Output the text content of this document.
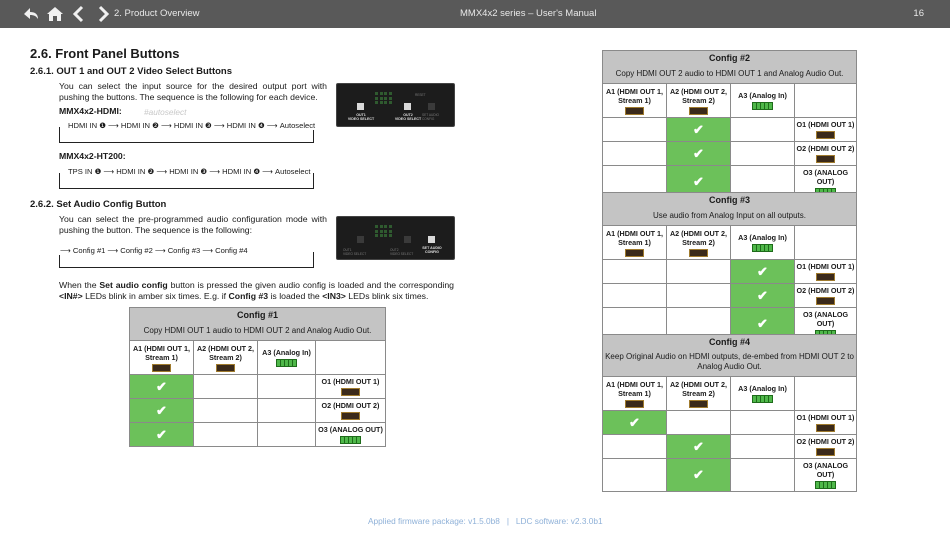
2. Product Overview	MMX4x2 series – User's Manual	16
2.6. Front Panel Buttons
2.6.1. OUT 1 and OUT 2 Video Select Buttons

You can select the input source for the desired output port with pushing the buttons. The sequence is the following for each device.

MMX4x2-HDMI:	#autoselect
HDMI IN ❶ ⟶ HDMI IN ❷ ⟶ HDMI IN ❸ ⟶ HDMI IN ❹ ⟶ Autoselect
MMX4x2-HT200:
TPS IN ❶ ⟶ HDMI IN ❷ ⟶ HDMI IN ❸ ⟶ HDMI IN ❹ ⟶ Autoselect
OUT1
VIDEO SELECT
OUT2
VIDEO SELECT
SET AUDIO
CONFIG
RESET
2.6.2. Set Audio Config Button

You can select the pre-programmed audio configuration mode with pushing the button. The sequence is the following:

⟶ Config #1 ⟶ Config #2 ⟶ Config #3 ⟶ Config #4	OUT1
VIDEO SELECT
OUT2
VIDEO SELECT
SET AUDIO
CONFIG

When the Set audio config button is pressed the given audio config is loaded and the corresponding <IN#> LEDs blink in amber six times. E.g. if Config #3 is loaded the <IN3> LEDs blink six times.

Config #1			
Copy HDMI OUT 1 audio to HDMI OUT 2 and Analog Audio Out.			

A1 (HDMI OUT 1, Stream 1)	A2 (HDMI OUT 2, Stream 2)	A3 (Analog In)	

✔			O1 (HDMI OUT 1)

✔			O2 (HDMI OUT 2)

✔			O3 (ANALOG OUT)
Config #2			
Copy HDMI OUT 2 audio to HDMI OUT 1 and Analog Audio Out.			

A1 (HDMI OUT 1, Stream 1)	A2 (HDMI OUT 2, Stream 2)	A3 (Analog In)	

	✔		O1 (HDMI OUT 1)

	✔		O2 (HDMI OUT 2)

	✔		O3 (ANALOG OUT)
Config #3			
Use audio from Analog Input on all outputs.			

A1 (HDMI OUT 1, Stream 1)	A2 (HDMI OUT 2, Stream 2)	A3 (Analog In)	

		✔	O1 (HDMI OUT 1)

		✔	O2 (HDMI OUT 2)

		✔	O3 (ANALOG OUT)
Config #4			
Keep Original Audio on HDMI outputs, de-embed from HDMI OUT 2 to Analog Audio Out.			

A1 (HDMI OUT 1, Stream 1)	A2 (HDMI OUT 2, Stream 2)	A3 (Analog In)	

✔			O1 (HDMI OUT 1)

	✔		O2 (HDMI OUT 2)

	✔		O3 (ANALOG OUT)
Applied firmware package: v1.5.0b8   |   LDC software: v2.3.0b1
